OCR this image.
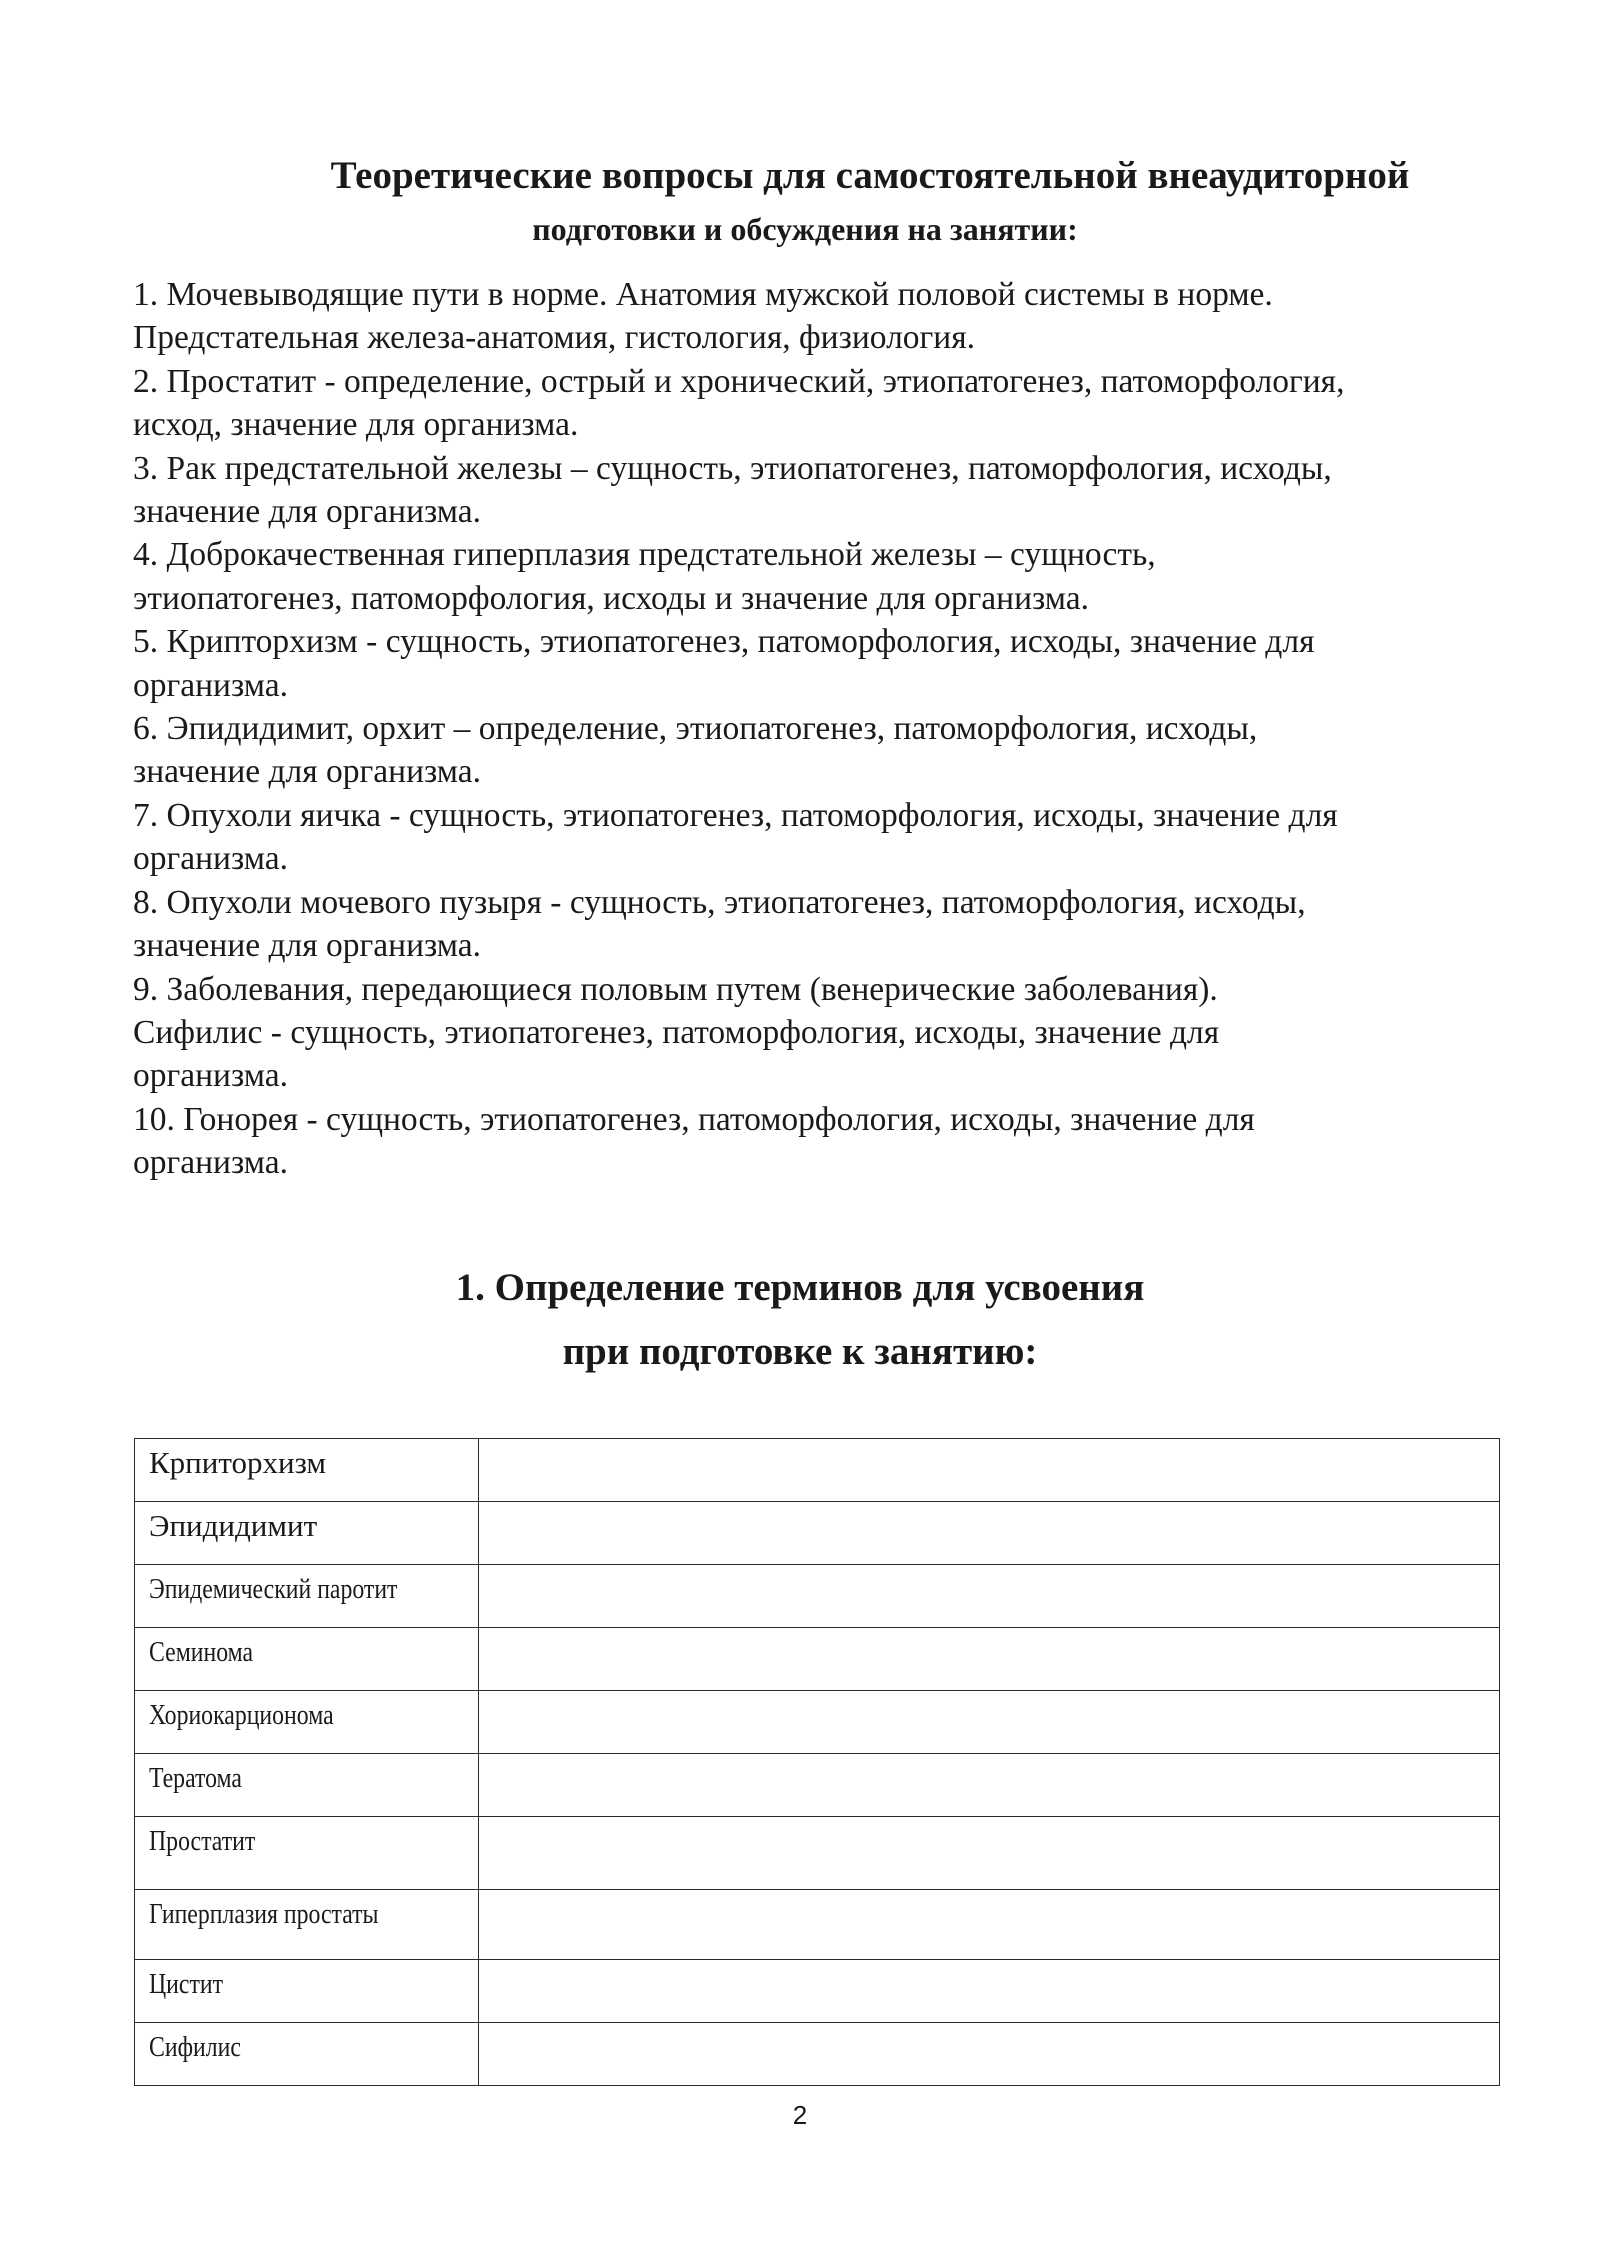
Теоретические вопросы для самостоятельной внеаудиторной
подготовки и обсуждения на занятии:
1. Мочевыводящие пути в норме. Анатомия мужской половой системы в норме.
Предстательная железа-анатомия, гистология, физиология.
2. Простатит - определение, острый и хронический, этиопатогенез, патоморфология,
исход, значение для организма.
3. Рак предстательной железы – сущность, этиопатогенез, патоморфология, исходы,
значение для организма.
4. Доброкачественная гиперплазия предстательной железы – сущность,
этиопатогенез, патоморфология, исходы и значение для организма.
5. Крипторхизм - сущность, этиопатогенез, патоморфология, исходы, значение для
организма.
6. Эпидидимит, орхит – определение, этиопатогенез, патоморфология, исходы,
значение для организма.
7. Опухоли яичка - сущность, этиопатогенез, патоморфология, исходы, значение для
организма.
8. Опухоли мочевого пузыря - сущность, этиопатогенез, патоморфология, исходы,
значение для организма.
9. Заболевания, передающиеся половым путем (венерические заболевания).
Сифилис - сущность, этиопатогенез, патоморфология, исходы, значение для
организма.
10. Гонорея - сущность, этиопатогенез, патоморфология, исходы, значение для
организма.
1. Определение терминов для усвоения
при подготовке к занятию:
Крпиторхизм	
Эпидидимит	
Эпидемический паротит	
Семинома	
Хориокарционома	
Тератома	
Простатит	
Гиперплазия простаты	
Цистит	
Сифилис	
2
